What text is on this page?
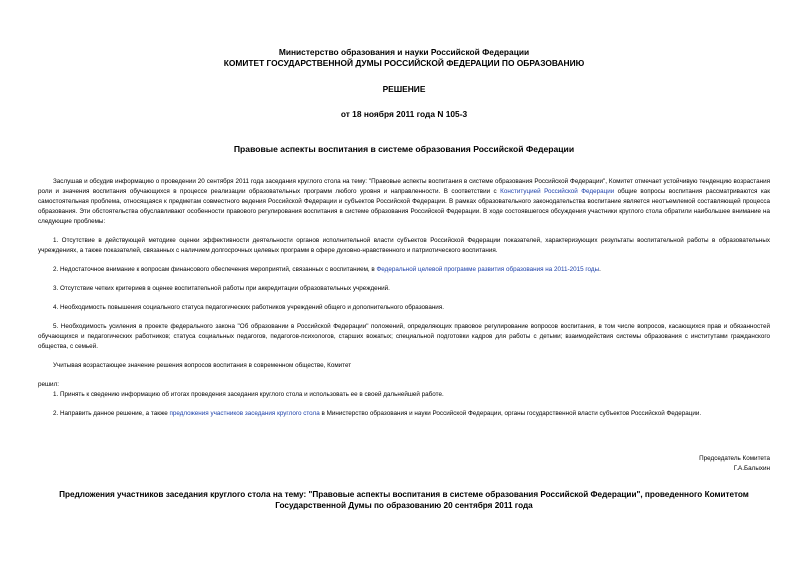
Министерство образования и науки Российской Федерации
КОМИТЕТ ГОСУДАРСТВЕННОЙ ДУМЫ РОССИЙСКОЙ ФЕДЕРАЦИИ ПО ОБРАЗОВАНИЮ
РЕШЕНИЕ
от 18 ноября 2011 года N 105-3
Правовые аспекты воспитания в системе образования Российской Федерации

Заслушав и обсудив информацию о проведении 20 сентября 2011 года заседания круглого стола на тему: "Правовые аспекты воспитания в системе образования Российской Федерации", Комитет отмечает устойчивую тенденцию возрастания роли и значения воспитания обучающихся в процессе реализации образовательных программ любого уровня и направленности. В соответствии с Конституцией Российской Федерации общие вопросы воспитания рассматриваются как самостоятельная проблема, относящаяся к предметам совместного ведения Российской Федерации и субъектов Российской Федерации. В рамках образовательного законодательства воспитание является неотъемлемой составляющей процесса образования. Эти обстоятельства обуславливают особенности правового регулирования воспитания в системе образования Российской Федерации. В ходе состоявшегося обсуждения участники круглого стола обратили наибольшее внимание на следующие проблемы:

1. Отсутствие в действующей методике оценки эффективности деятельности органов исполнительной власти субъектов Российской Федерации показателей, характеризующих результаты воспитательной работы в образовательных учреждениях, а также показателей, связанных с наличием долгосрочных целевых программ в сфере духовно-нравственного и патриотического воспитания.

2. Недостаточное внимание к вопросам финансового обеспечения мероприятий, связанных с воспитанием, в Федеральной целевой программе развития образования на 2011-2015 годы.

3. Отсутствие четких критериев в оценке воспитательной работы при аккредитации образовательных учреждений.

4. Необходимость повышения социального статуса педагогических работников учреждений общего и дополнительного образования.

5. Необходимость усиления в проекте федерального закона "Об образовании в Российской Федерации" положений, определяющих правовое регулирование вопросов воспитания, в том числе вопросов, касающихся прав и обязанностей обучающихся и педагогических работников; статуса социальных педагогов, педагогов-психологов, старших вожатых; специальной подготовки кадров для работы с детьми; взаимодействия системы образования с институтами гражданского общества, с семьей.

Учитывая возрастающее значение решения вопросов воспитания в современном обществе, Комитет

решил:

1. Принять к сведению информацию об итогах проведения заседания круглого стола и использовать ее в своей дальнейшей работе.

2. Направить данное решение, а также предложения участников заседания круглого стола в Министерство образования и науки Российской Федерации, органы государственной власти субъектов Российской Федерации.

Председатель Комитета
Г.А.Балыхин
Предложения участников заседания круглого стола на тему: "Правовые аспекты воспитания в системе образования Российской Федерации", проведенного Комитетом Государственной Думы по образованию 20 сентября 2011 года
